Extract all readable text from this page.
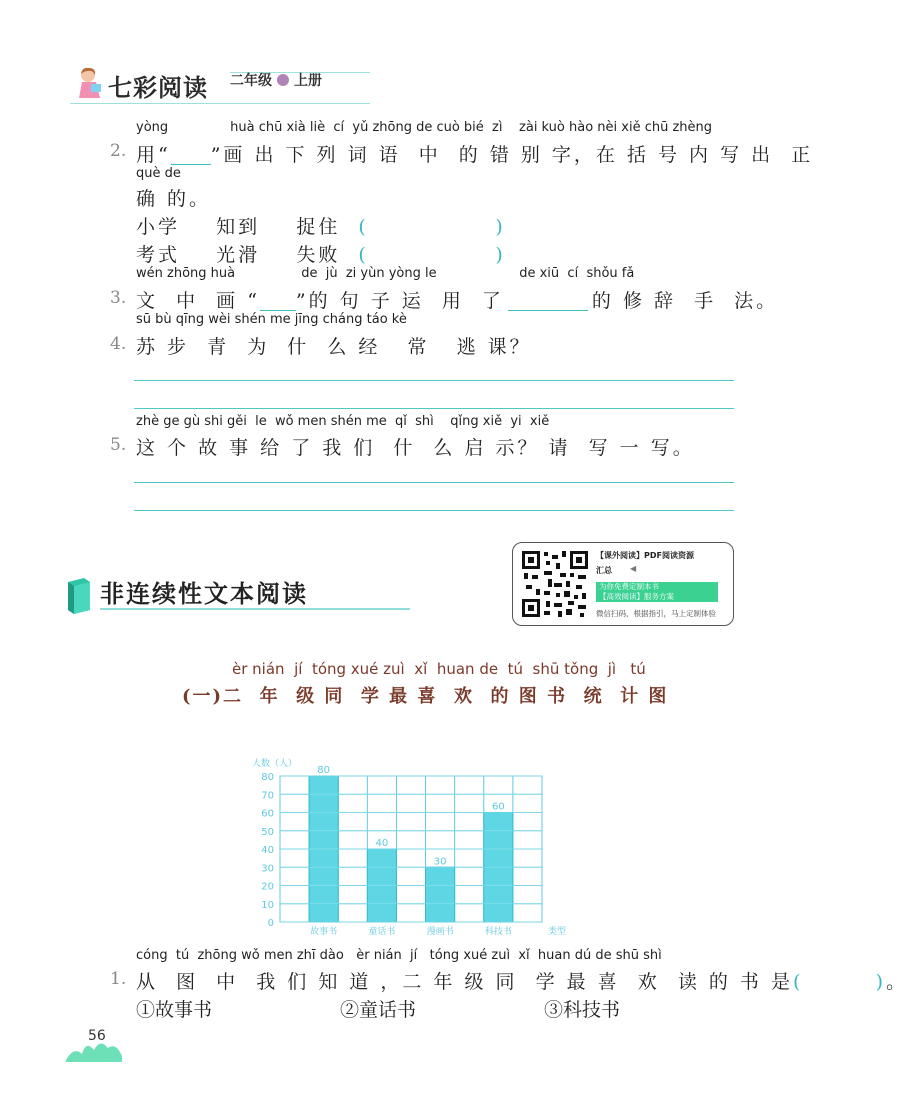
七彩阅读 二年级 上册
yòng               huà chū xià liè  cí  yǔ zhōng de cuò bié  zì    zài kuò hào nèi xiě chū zhèng
2. 用“ ”画 出 下 列 词 语  中  的 错 别 字，在 括 号 内 写 出  正
què de
确 的。
小学    知到    捉住 (              )
考式    光滑    失败 (              )
wén zhōng huà                de  jù  zi yùn yòng le                    de xiū  cí  shǒu fǎ
3. 文  中  画 “ ”的 句 子 运  用  了	的 修 辞  手  法。
sū bù qīng wèi shén me jīng cháng táo kè
4. 苏 步  青  为  什  么 经   常   逃 课？
zhè ge gù shi gěi  le  wǒ men shén me  qǐ  shì    qǐng xiě  yi  xiě
5. 这 个 故 事 给 了 我 们  什  么 启 示？ 请  写 一 写。
非连续性文本阅读
【课外阅读】PDF阅读资源
汇总 ◀
为你免费定制本书
【高效阅读】服务方案
微信扫码，根据指引，马上定制体验
èr nián  jí  tóng xué zuì  xǐ  huan de  tú  shū tǒng  jì   tú
(一)二  年  级 同  学 最 喜  欢  的 图 书  统  计 图
0
10
20
30
40
50
60
70
80
人数（人）
类型
80
故事书
40
童话书
30
漫画书
60
科技书
cóng  tú  zhōng wǒ men zhī dào   èr nián  jí   tóng xué zuì  xǐ  huan dú de shū shì
1. 从  图  中  我 们 知 道 ，二 年 级 同  学 最 喜  欢  读 的 书 是(        )。
①故事书	②童话书	③科技书
56
